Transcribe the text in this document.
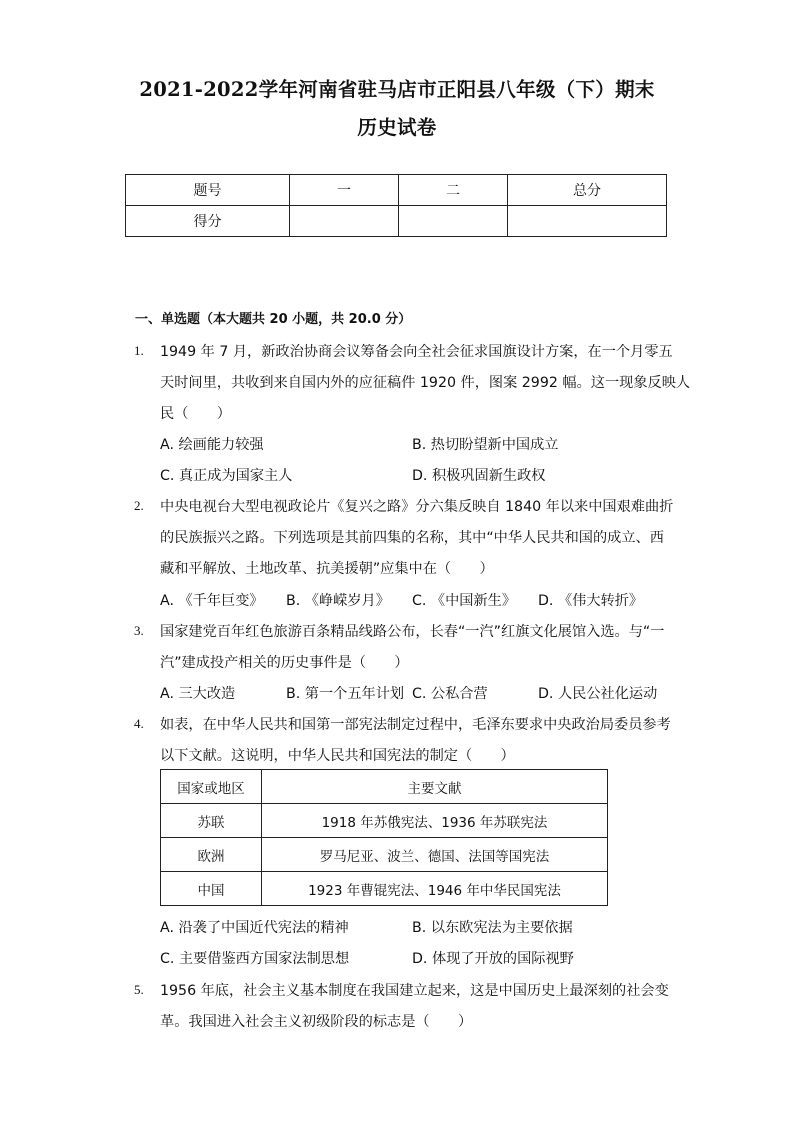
2021-2022学年河南省驻马店市正阳县八年级（下）期末
历史试卷
题号	一	二	总分
得分			
一、单选题（本大题共 20 小题，共 20.0 分）
1. 1949 年 7 月，新政治协商会议筹备会向全社会征求国旗设计方案，在一个月零五
天时间里，共收到来自国内外的应征稿件 1920 件，图案 2992 幅。这一现象反映人
民（　　）
A. 绘画能力较强	B. 热切盼望新中国成立
C. 真正成为国家主人	D. 积极巩固新生政权
2. 中央电视台大型电视政论片《复兴之路》分六集反映自 1840 年以来中国艰难曲折
的民族振兴之路。下列选项是其前四集的名称，其中“中华人民共和国的成立、西
藏和平解放、土地改革、抗美援朝”应集中在（　　）
A. 《千年巨变》 B. 《峥嵘岁月》 C. 《中国新生》 D. 《伟大转折》
3. 国家建党百年红色旅游百条精品线路公布，长春“一汽”红旗文化展馆入选。与“一
汽”建成投产相关的历史事件是（　　）
A. 三大改造	B. 第一个五年计划 C. 公私合营	D. 人民公社化运动
4. 如表，在中华人民共和国第一部宪法制定过程中，毛泽东要求中央政治局委员参考
以下文献。这说明，中华人民共和国宪法的制定（　　）
国家或地区	主要文献
苏联	1918 年苏俄宪法、1936 年苏联宪法
欧洲	罗马尼亚、波兰、德国、法国等国宪法
中国	1923 年曹锟宪法、1946 年中华民国宪法
A. 沿袭了中国近代宪法的精神	B. 以东欧宪法为主要依据
C. 主要借鉴西方国家法制思想	D. 体现了开放的国际视野
5. 1956 年底，社会主义基本制度在我国建立起来，这是中国历史上最深刻的社会变
革。我国进入社会主义初级阶段的标志是（　　）
